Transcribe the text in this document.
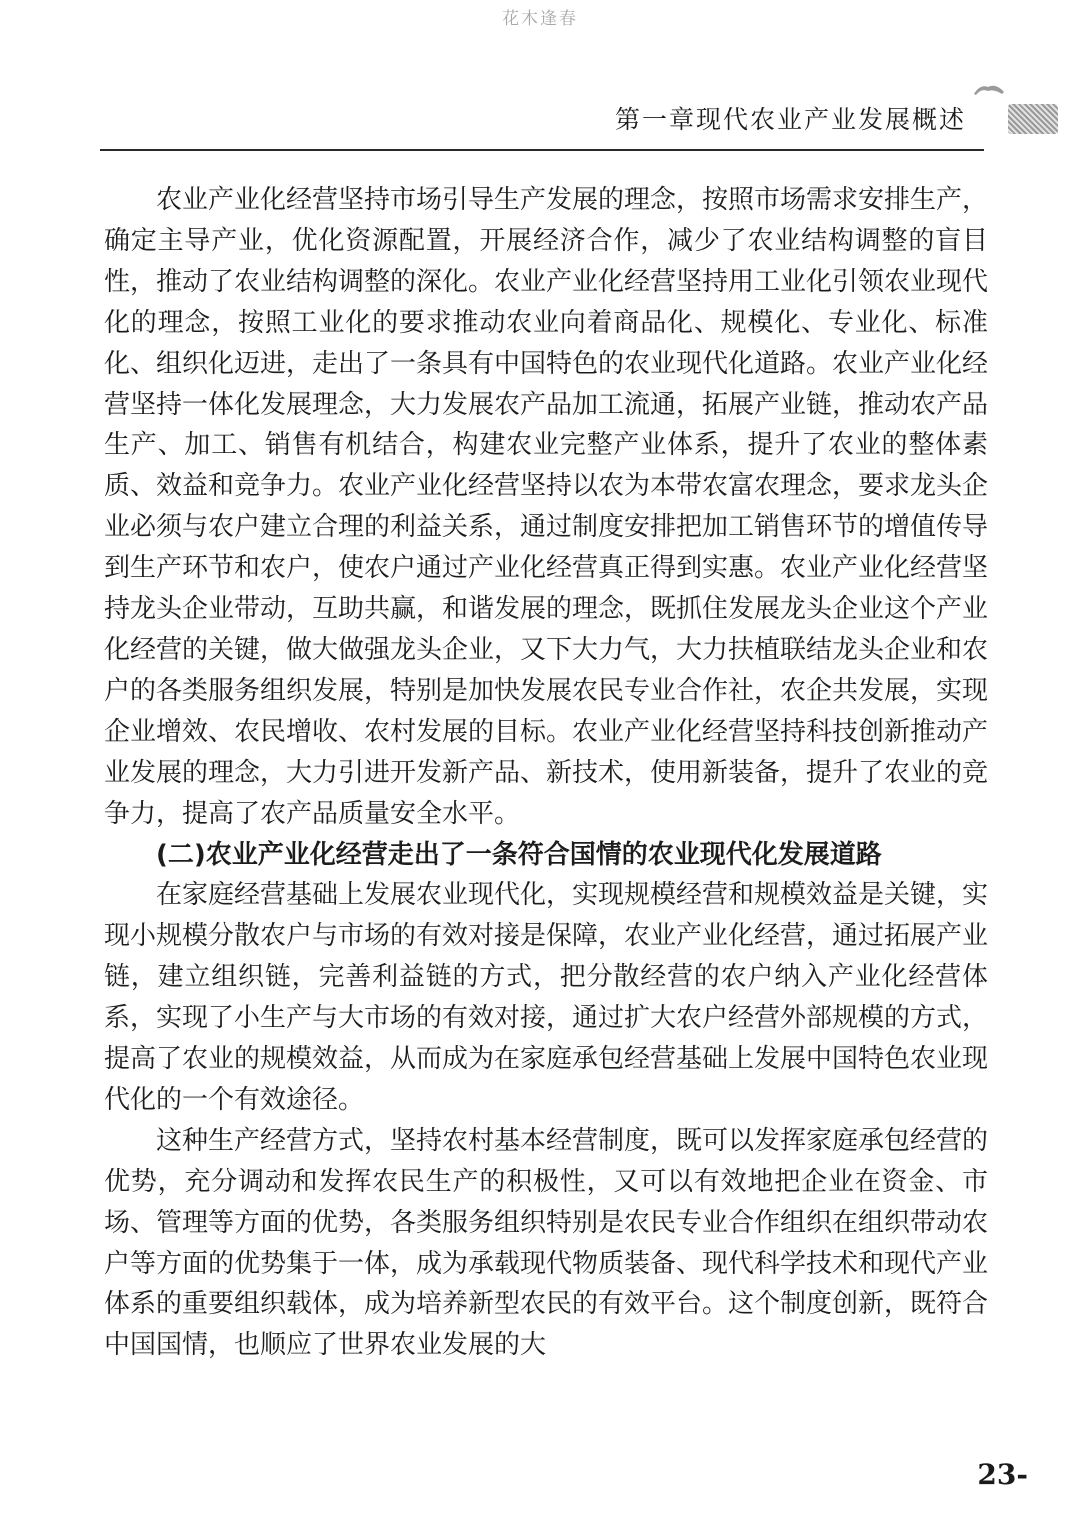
花木逢春
第一章现代农业产业发展概述

农业产业化经营坚持市场引导生产发展的理念，按照市场需求安排生产，确定主导产业，优化资源配置，开展经济合作，减少了农业结构调整的盲目性，推动了农业结构调整的深化。农业产业化经营坚持用工业化引领农业现代化的理念，按照工业化的要求推动农业向着商品化、规模化、专业化、标准化、组织化迈进，走出了一条具有中国特色的农业现代化道路。农业产业化经营坚持一体化发展理念，大力发展农产品加工流通，拓展产业链，推动农产品生产、加工、销售有机结合，构建农业完整产业体系，提升了农业的整体素质、效益和竞争力。农业产业化经营坚持以农为本带农富农理念，要求龙头企业必须与农户建立合理的利益关系，通过制度安排把加工销售环节的增值传导到生产环节和农户，使农户通过产业化经营真正得到实惠。农业产业化经营坚持龙头企业带动，互助共赢，和谐发展的理念，既抓住发展龙头企业这个产业化经营的关键，做大做强龙头企业，又下大力气，大力扶植联结龙头企业和农户的各类服务组织发展，特别是加快发展农民专业合作社，农企共发展，实现企业增效、农民增收、农村发展的目标。农业产业化经营坚持科技创新推动产业发展的理念，大力引进开发新产品、新技术，使用新装备，提升了农业的竞争力，提高了农产品质量安全水平。

(二)农业产业化经营走出了一条符合国情的农业现代化发展道路

在家庭经营基础上发展农业现代化，实现规模经营和规模效益是关键，实现小规模分散农户与市场的有效对接是保障，农业产业化经营，通过拓展产业链，建立组织链，完善利益链的方式，把分散经营的农户纳入产业化经营体系，实现了小生产与大市场的有效对接，通过扩大农户经营外部规模的方式，提高了农业的规模效益，从而成为在家庭承包经营基础上发展中国特色农业现代化的一个有效途径。

这种生产经营方式，坚持农村基本经营制度，既可以发挥家庭承包经营的优势，充分调动和发挥农民生产的积极性，又可以有效地把企业在资金、市场、管理等方面的优势，各类服务组织特别是农民专业合作组织在组织带动农户等方面的优势集于一体，成为承载现代物质装备、现代科学技术和现代产业体系的重要组织载体，成为培养新型农民的有效平台。这个制度创新，既符合中国国情，也顺应了世界农业发展的大

23-
